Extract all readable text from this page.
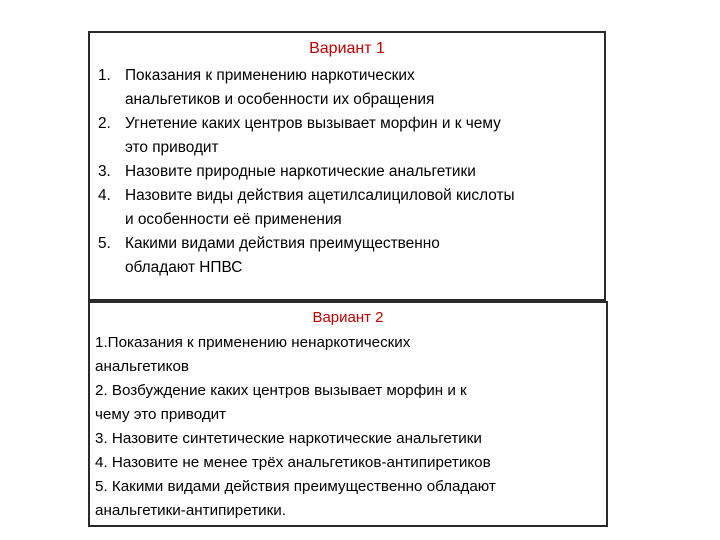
Вариант 1
1. Показания к применению наркотических
анальгетиков и особенности их обращения
2. Угнетение каких центров вызывает морфин и к чему
это приводит
3. Назовите природные наркотические анальгетики
4. Назовите виды действия ацетилсалициловой кислоты
и особенности её применения
5. Какими видами действия преимущественно
обладают НПВС
Вариант 2
1.Показания к применению ненаркотических
анальгетиков
2. Возбуждение каких центров вызывает морфин и к
чему это приводит
3. Назовите синтетические наркотические анальгетики
4. Назовите не менее трёх анальгетиков-антипиретиков
5. Какими видами действия преимущественно обладают
анальгетики-антипиретики.
